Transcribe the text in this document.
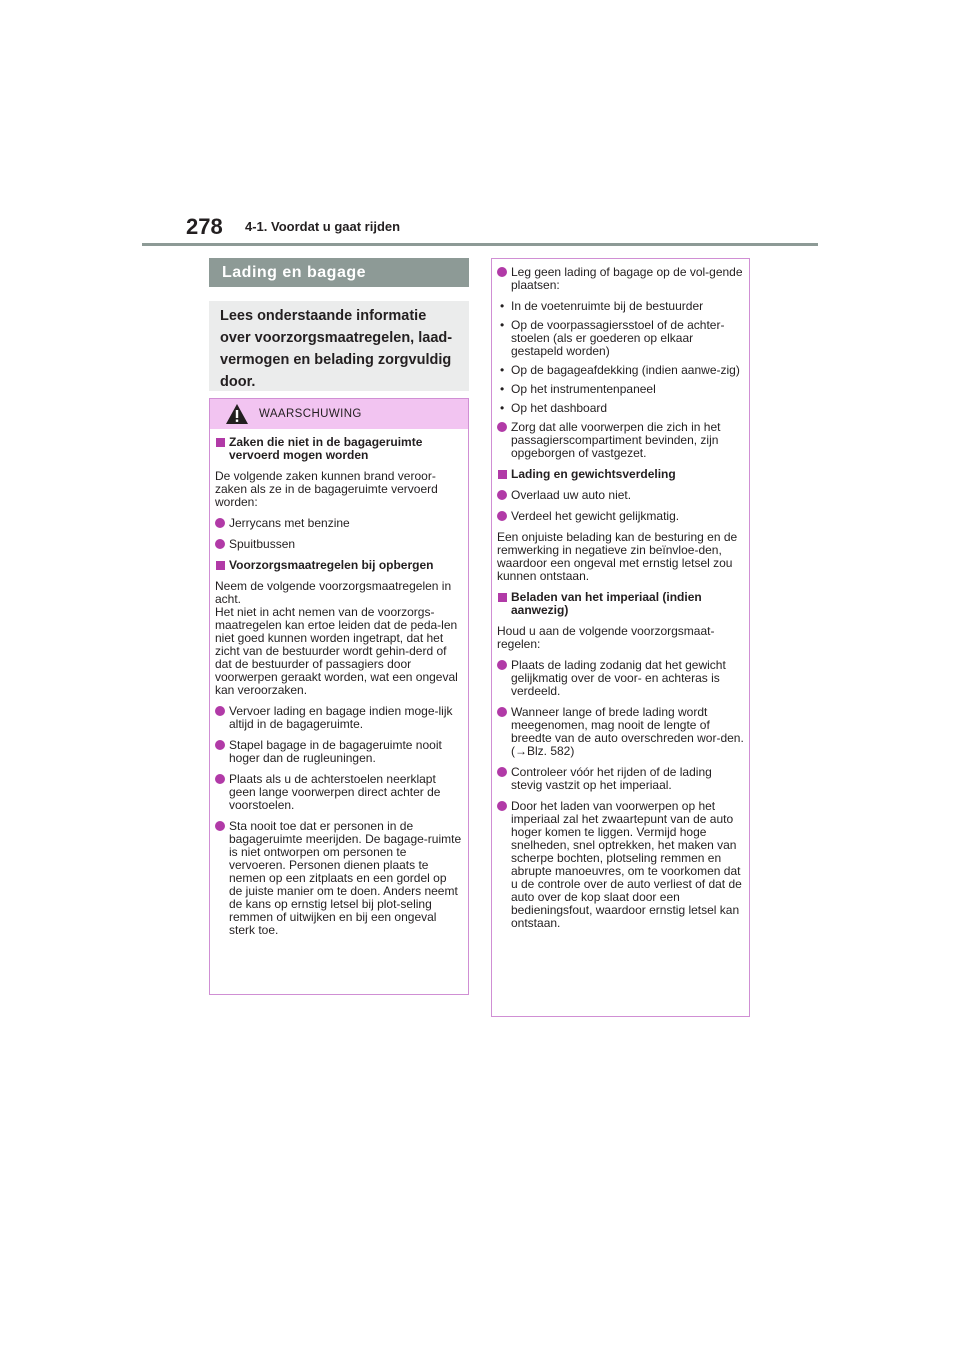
278 4-1. Voordat u gaat rijden
Lading en bagage
Lees onderstaande informatie over voorzorgsmaatregelen, laad-vermogen en belading zorgvuldig door.
WAARSCHUWING
Zaken die niet in de bagageruimte vervoerd mogen worden
De volgende zaken kunnen brand veroor-zaken als ze in de bagageruimte vervoerd worden:
Jerrycans met benzine
Spuitbussen
Voorzorgsmaatregelen bij opbergen
Neem de volgende voorzorgsmaatregelen in acht.
Het niet in acht nemen van de voorzorgs-maatregelen kan ertoe leiden dat de peda-len niet goed kunnen worden ingetrapt, dat het zicht van de bestuurder wordt gehin-derd of dat de bestuurder of passagiers door voorwerpen geraakt worden, wat een ongeval kan veroorzaken.
Vervoer lading en bagage indien moge-lijk altijd in de bagageruimte.
Stapel bagage in de bagageruimte nooit hoger dan de rugleuningen.
Plaats als u de achterstoelen neerklapt geen lange voorwerpen direct achter de voorstoelen.
Sta nooit toe dat er personen in de bagageruimte meerijden. De bagage-ruimte is niet ontworpen om personen te vervoeren. Personen dienen plaats te nemen op een zitplaats en een gordel op de juiste manier om te doen. Anders neemt de kans op ernstig letsel bij plot-seling remmen of uitwijken en bij een ongeval sterk toe.
Leg geen lading of bagage op de vol-gende plaatsen:
• In de voetenruimte bij de bestuurder
• Op de voorpassagiersstoel of de achter-stoelen (als er goederen op elkaar gestapeld worden)
• Op de bagageafdekking (indien aanwe-zig)
• Op het instrumentenpaneel
• Op het dashboard
Zorg dat alle voorwerpen die zich in het passagierscompartiment bevinden, zijn opgeborgen of vastgezet.
Lading en gewichtsverdeling
Overlaad uw auto niet.
Verdeel het gewicht gelijkmatig.
Een onjuiste belading kan de besturing en de remwerking in negatieve zin beïnvloe-den, waardoor een ongeval met ernstig letsel zou kunnen ontstaan.
Beladen van het imperiaal (indien aanwezig)
Houd u aan de volgende voorzorgsmaat-regelen:
Plaats de lading zodanig dat het gewicht gelijkmatig over de voor- en achteras is verdeeld.
Wanneer lange of brede lading wordt meegenomen, mag nooit de lengte of breedte van de auto overschreden wor-den. (→Blz. 582)
Controleer vóór het rijden of de lading stevig vastzit op het imperiaal.
Door het laden van voorwerpen op het imperiaal zal het zwaartepunt van de auto hoger komen te liggen. Vermijd hoge snelheden, snel optrekken, het maken van scherpe bochten, plotseling remmen en abrupte manoeuvres, om te voorkomen dat u de controle over de auto verliest of dat de auto over de kop slaat door een bedieningsfout, waardoor ernstig letsel kan ontstaan.
